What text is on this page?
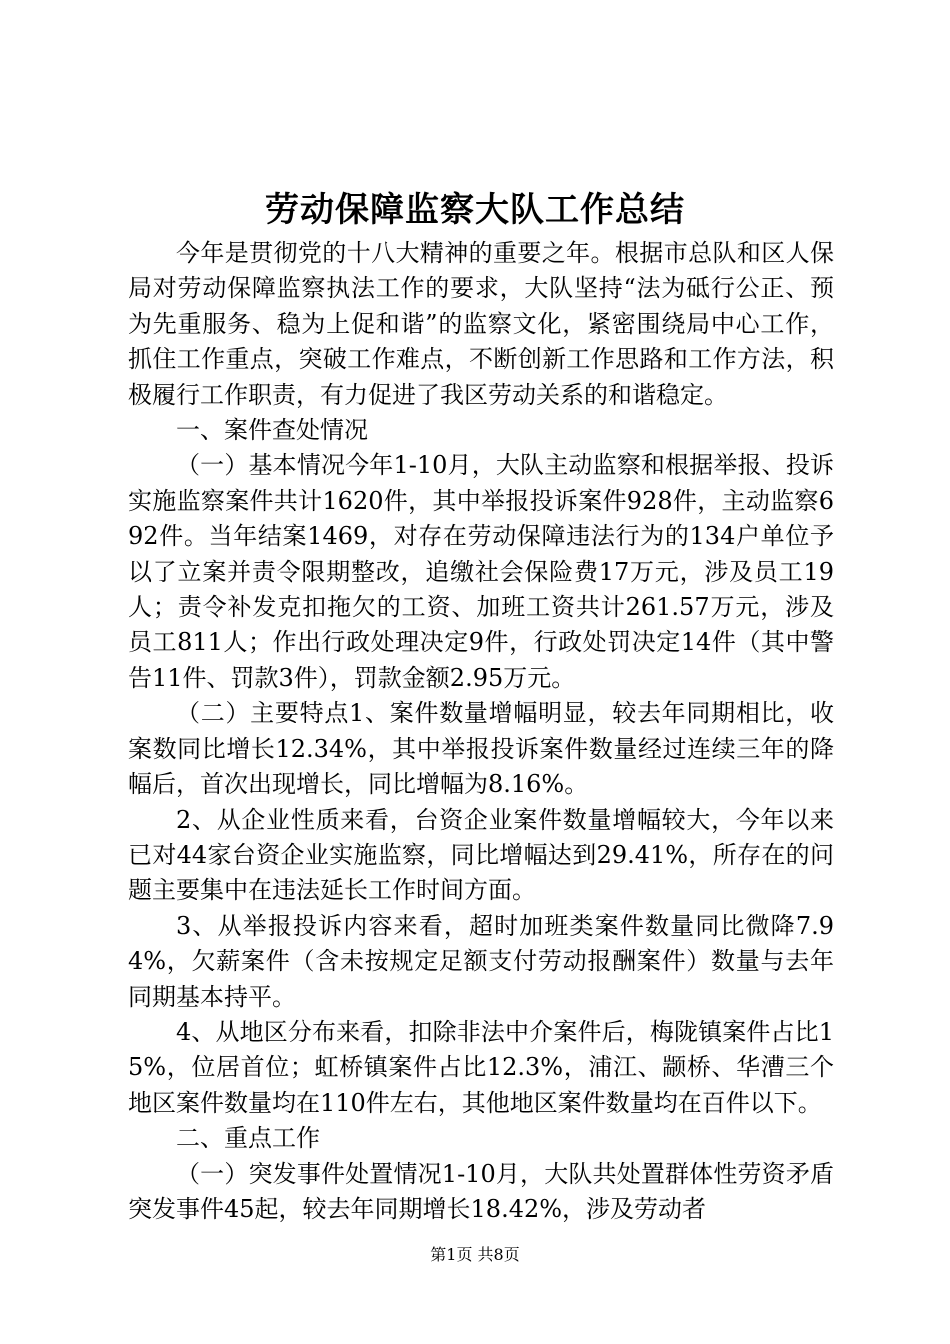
劳动保障监察大队工作总结

今年是贯彻党的十八大精神的重要之年。根据市总队和区人保局对劳动保障监察执法工作的要求，大队坚持“法为砥行公正、预为先重服务、稳为上促和谐”的监察文化，紧密围绕局中心工作，抓住工作重点，突破工作难点，不断创新工作思路和工作方法，积极履行工作职责，有力促进了我区劳动关系的和谐稳定。

一、案件查处情况

（一）基本情况今年1-10月，大队主动监察和根据举报、投诉实施监察案件共计1620件，其中举报投诉案件928件，主动监察692件。当年结案1469，对存在劳动保障违法行为的134户单位予以了立案并责令限期整改，追缴社会保险费17万元，涉及员工19人；责令补发克扣拖欠的工资、加班工资共计261.57万元，涉及员工811人；作出行政处理决定9件，行政处罚决定14件（其中警告11件、罚款3件），罚款金额2.95万元。

（二）主要特点1、案件数量增幅明显，较去年同期相比，收案数同比增长12.34%，其中举报投诉案件数量经过连续三年的降幅后，首次出现增长，同比增幅为8.16%。

2、从企业性质来看，台资企业案件数量增幅较大，今年以来已对44家台资企业实施监察，同比增幅达到29.41%，所存在的问题主要集中在违法延长工作时间方面。

3、从举报投诉内容来看，超时加班类案件数量同比微降7.94%，欠薪案件（含未按规定足额支付劳动报酬案件）数量与去年同期基本持平。

4、从地区分布来看，扣除非法中介案件后，梅陇镇案件占比15%，位居首位；虹桥镇案件占比12.3%，浦江、颛桥、华漕三个地区案件数量均在110件左右，其他地区案件数量均在百件以下。

二、重点工作

（一）突发事件处置情况1-10月，大队共处置群体性劳资矛盾突发事件45起，较去年同期增长18.42%，涉及劳动者

第1页 共8页
